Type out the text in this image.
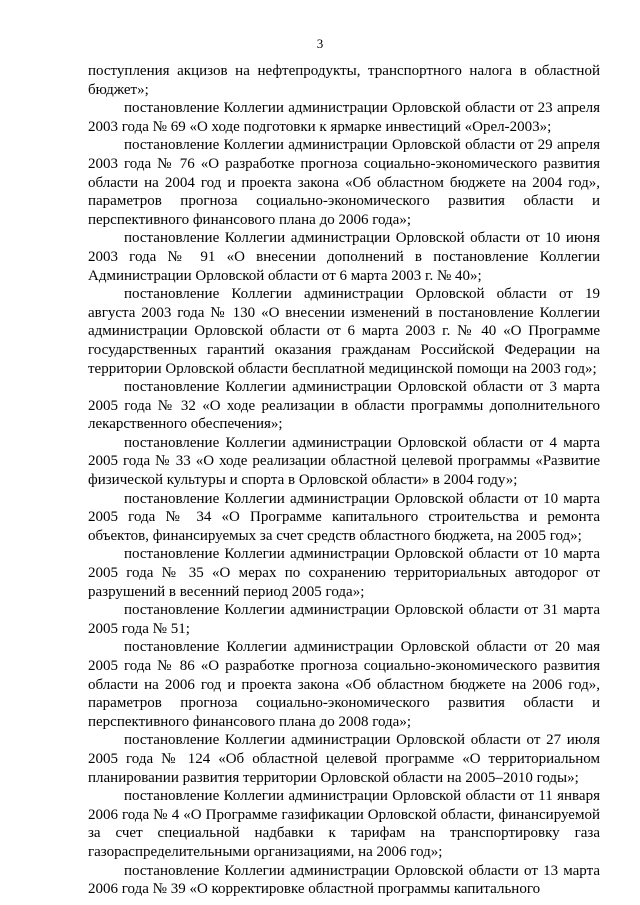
3

поступления акцизов на нефтепродукты, транспортного налога в областной бюджет»;

постановление Коллегии администрации Орловской области от 23 апреля 2003 года № 69 «О ходе подготовки к ярмарке инвестиций «Орел-2003»;

постановление Коллегии администрации Орловской области от 29 апреля 2003 года № 76 «О разработке прогноза социально-экономического развития области на 2004 год и проекта закона «Об областном бюджете на 2004 год», параметров прогноза социально-экономического развития области и перспективного финансового плана до 2006 года»;

постановление Коллегии администрации Орловской области от 10 июня 2003 года № 91 «О внесении дополнений в постановление Коллегии Администрации Орловской области от 6 марта 2003 г. № 40»;

постановление Коллегии администрации Орловской области от 19 августа 2003 года № 130 «О внесении изменений в постановление Коллегии администрации Орловской области от 6 марта 2003 г. № 40 «О Программе государственных гарантий оказания гражданам Российской Федерации на территории Орловской области бесплатной медицинской помощи на 2003 год»;

постановление Коллегии администрации Орловской области от 3 марта 2005 года № 32 «О ходе реализации в области программы дополнительного лекарственного обеспечения»;

постановление Коллегии администрации Орловской области от 4 марта 2005 года № 33 «О ходе реализации областной целевой программы «Развитие физической культуры и спорта в Орловской области» в 2004 году»;

постановление Коллегии администрации Орловской области от 10 марта 2005 года № 34 «О Программе капитального строительства и ремонта объектов, финансируемых за счет средств областного бюджета, на 2005 год»;

постановление Коллегии администрации Орловской области от 10 марта 2005 года № 35 «О мерах по сохранению территориальных автодорог от разрушений в весенний период 2005 года»;

постановление Коллегии администрации Орловской области от 31 марта 2005 года № 51;

постановление Коллегии администрации Орловской области от 20 мая 2005 года № 86 «О разработке прогноза социально-экономического развития области на 2006 год и проекта закона «Об областном бюджете на 2006 год», параметров прогноза социально-экономического развития области и перспективного финансового плана до 2008 года»;

постановление Коллегии администрации Орловской области от 27 июля 2005 года № 124 «Об областной целевой программе «О территориальном планировании развития территории Орловской области на 2005–2010 годы»;

постановление Коллегии администрации Орловской области от 11 января 2006 года № 4 «О Программе газификации Орловской области, финансируемой за счет специальной надбавки к тарифам на транспортировку газа газораспределительными организациями, на 2006 год»;

постановление Коллегии администрации Орловской области от 13 марта 2006 года № 39 «О корректировке областной программы капитального
